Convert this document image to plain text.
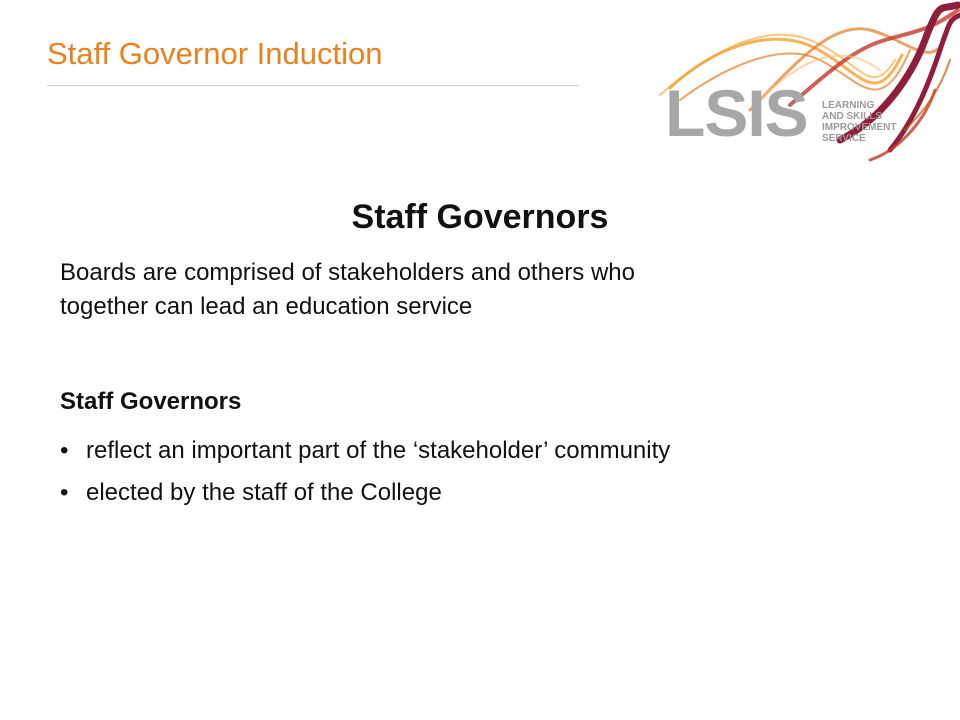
Staff Governor Induction
LSIS LEARNING
AND SKILLS
IMPROVEMENT
SERVICE
Staff Governors
Boards are comprised of stakeholders and others who
together can lead an education service
Staff Governors
• reflect an important part of the ‘stakeholder’ community
• elected by the staff of the College
